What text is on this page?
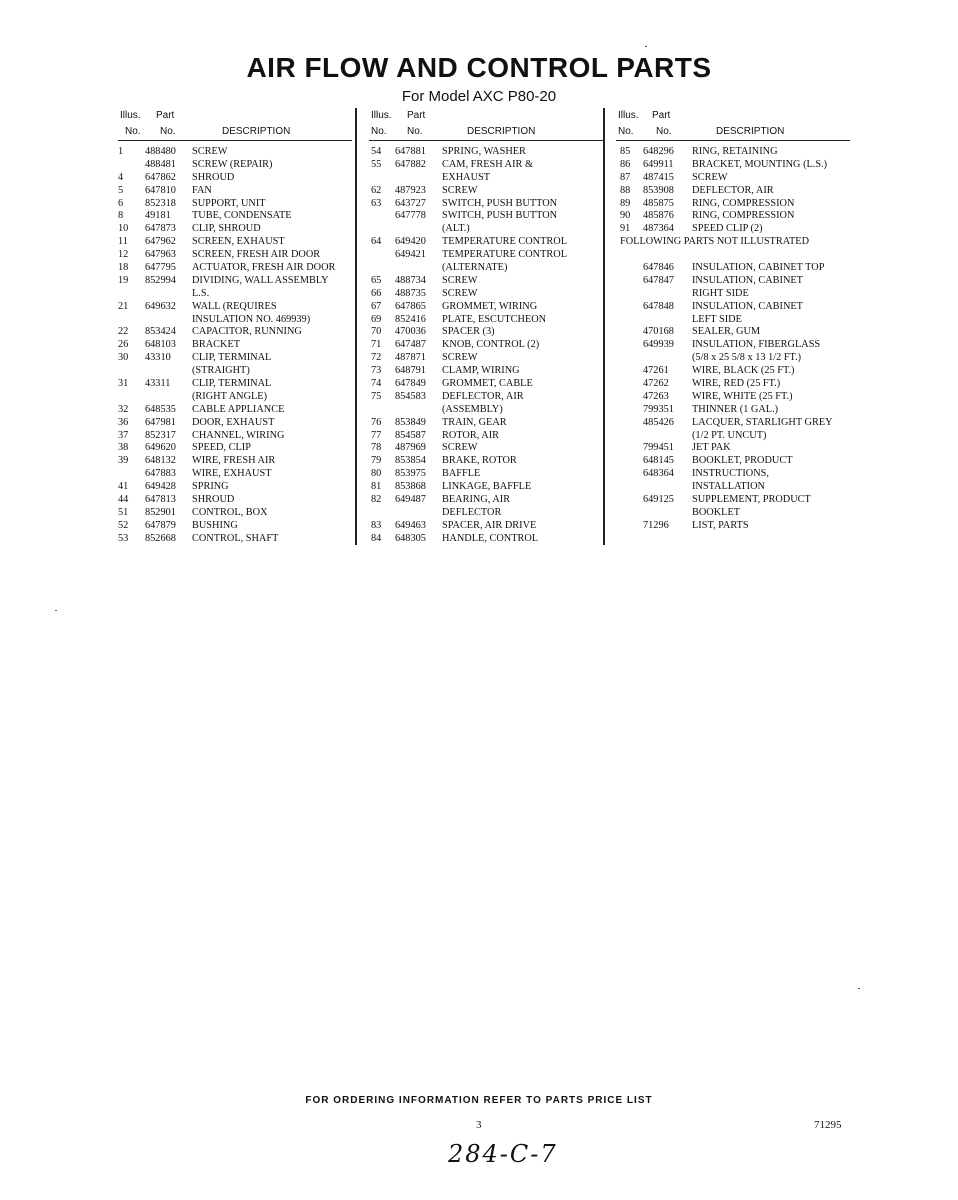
AIR FLOW AND CONTROL PARTS
For Model AXC P80-20
Illus. Part
No. No.	DESCRIPTION
1 488480 SCREW
488481 SCREW (REPAIR)
4 647862 SHROUD
5 647810 FAN
6 852318 SUPPORT, UNIT
8 49181 TUBE, CONDENSATE
10 647873 CLIP, SHROUD
11 647962 SCREEN, EXHAUST
12 647963 SCREEN, FRESH AIR DOOR
18 647795 ACTUATOR, FRESH AIR DOOR
19 852994 DIVIDING, WALL ASSEMBLY
L.S.
21 649632 WALL (REQUIRES
INSULATION NO. 469939)
22 853424 CAPACITOR, RUNNING
26 648103 BRACKET
30 43310 CLIP, TERMINAL
(STRAIGHT)
31 43311 CLIP, TERMINAL
(RIGHT ANGLE)
32 648535 CABLE APPLIANCE
36 647981 DOOR, EXHAUST
37 852317 CHANNEL, WIRING
38 649620 SPEED, CLIP
39 648132 WIRE, FRESH AIR
647883 WIRE, EXHAUST
41 649428 SPRING
44 647813 SHROUD
51 852901 CONTROL, BOX
52 647879 BUSHING
53 852668 CONTROL, SHAFT
Illus. Part
No. No.	DESCRIPTION
54 647881 SPRING, WASHER
55 647882 CAM, FRESH AIR &
EXHAUST
62 487923 SCREW
63 643727 SWITCH, PUSH BUTTON
647778 SWITCH, PUSH BUTTON
(ALT.)
64 649420 TEMPERATURE CONTROL
649421 TEMPERATURE CONTROL
(ALTERNATE)
65 488734 SCREW
66 488735 SCREW
67 647865 GROMMET, WIRING
69 852416 PLATE, ESCUTCHEON
70 470036 SPACER (3)
71 647487 KNOB, CONTROL (2)
72 487871 SCREW
73 648791 CLAMP, WIRING
74 647849 GROMMET, CABLE
75 854583 DEFLECTOR, AIR
(ASSEMBLY)
76 853849 TRAIN, GEAR
77 854587 ROTOR, AIR
78 487969 SCREW
79 853854 BRAKE, ROTOR
80 853975 BAFFLE
81 853868 LINKAGE, BAFFLE
82 649487 BEARING, AIR
DEFLECTOR
83 649463 SPACER, AIR DRIVE
84 648305 HANDLE, CONTROL
Illus. Part
No. No.	DESCRIPTION
85 648296 RING, RETAINING
86 649911 BRACKET, MOUNTING (L.S.)
87 487415 SCREW
88 853908 DEFLECTOR, AIR
89 485875 RING, COMPRESSION
90 485876 RING, COMPRESSION
91 487364 SPEED CLIP (2)
FOLLOWING PARTS NOT ILLUSTRATED
647846 INSULATION, CABINET TOP
647847 INSULATION, CABINET
RIGHT SIDE
647848 INSULATION, CABINET
LEFT SIDE
470168 SEALER, GUM
649939 INSULATION, FIBERGLASS
(5/8 x 25 5/8 x 13 1/2 FT.)
47261 WIRE, BLACK (25 FT.)
47262 WIRE, RED (25 FT.)
47263 WIRE, WHITE (25 FT.)
799351 THINNER (1 GAL.)
485426 LACQUER, STARLIGHT GREY
(1/2 PT. UNCUT)
799451 JET PAK
648145 BOOKLET, PRODUCT
648364 INSTRUCTIONS,
INSTALLATION
649125 SUPPLEMENT, PRODUCT
BOOKLET
71296 LIST, PARTS
FOR ORDERING INFORMATION REFER TO PARTS PRICE LIST
3	71295
284-C-7
